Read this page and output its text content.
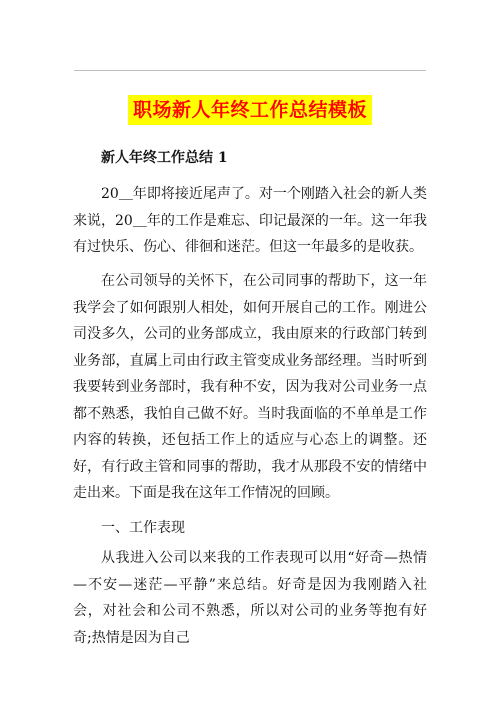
职场新人年终工作总结模板

新人年终工作总结 1

20＿年即将接近尾声了。对一个刚踏入社会的新人类来说，20＿年的工作是难忘、印记最深的一年。这一年我有过快乐、伤心、徘徊和迷茫。但这一年最多的是收获。

在公司领导的关怀下，在公司同事的帮助下，这一年我学会了如何跟别人相处，如何开展自己的工作。刚进公司没多久，公司的业务部成立，我由原来的行政部门转到业务部，直属上司由行政主管变成业务部经理。当时听到我要转到业务部时，我有种不安，因为我对公司业务一点都不熟悉，我怕自己做不好。当时我面临的不单单是工作内容的转换，还包括工作上的适应与心态上的调整。还好，有行政主管和同事的帮助，我才从那段不安的情绪中走出来。下面是我在这年工作情况的回顾。

一、工作表现

从我进入公司以来我的工作表现可以用“好奇—热情—不安—迷茫—平静”来总结。好奇是因为我刚踏入社会，对社会和公司不熟悉，所以对公司的业务等抱有好奇;热情是因为自己
